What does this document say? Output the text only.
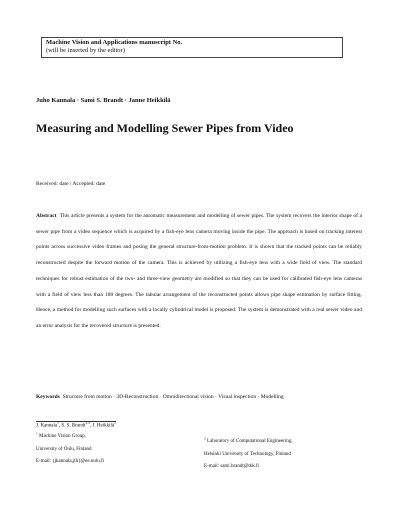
Machine Vision and Applications manuscript No.
(will be inserted by the editor)
Juho Kannala · Sami S. Brandt · Janne Heikkilä
Measuring and Modelling Sewer Pipes from Video
Received: date / Accepted: date

Abstract This article presents a system for the automatic measurement and modelling of sewer pipes. The system recovers the interior shape of a sewer pipe from a video sequence which is acquired by a fish-eye lens camera moving inside the pipe. The approach is based on tracking interest points across successive video frames and posing the general structure-from-motion problem. It is shown that the tracked points can be reliably reconstructed despite the forward motion of the camera. This is achieved by utilizing a fish-eye lens with a wide field of view. The standard techniques for robust estimation of the two- and three-view geometry are modified so that they can be used for calibrated fish-eye lens cameras with a field of view less than 180 degrees. The tabular arrangement of the reconstructed points allows pipe shape estimation by surface fitting. Hence, a method for modelling such surfaces with a locally cylindrical model is proposed. The system is demonstrated with a real sewer video and an error analysis for the recovered structure is presented.

Keywords Structure from motion · 3D-Reconstruction · Omnidirectional vision · Visual inspection · Modelling

J. Kannala$^1$, S. S. Brandt$^{2,3}$, J. Heikkilä$^1$
$^1$ Machine Vision Group,
University of Oulu, Finland
E-mail: {jkannala,jth}@ee.oulu.fi
$^2$ Laboratory of Computational Engineering,
Helsinki University of Technology, Finland
E-mail: sami.brandt@tkk.fi
